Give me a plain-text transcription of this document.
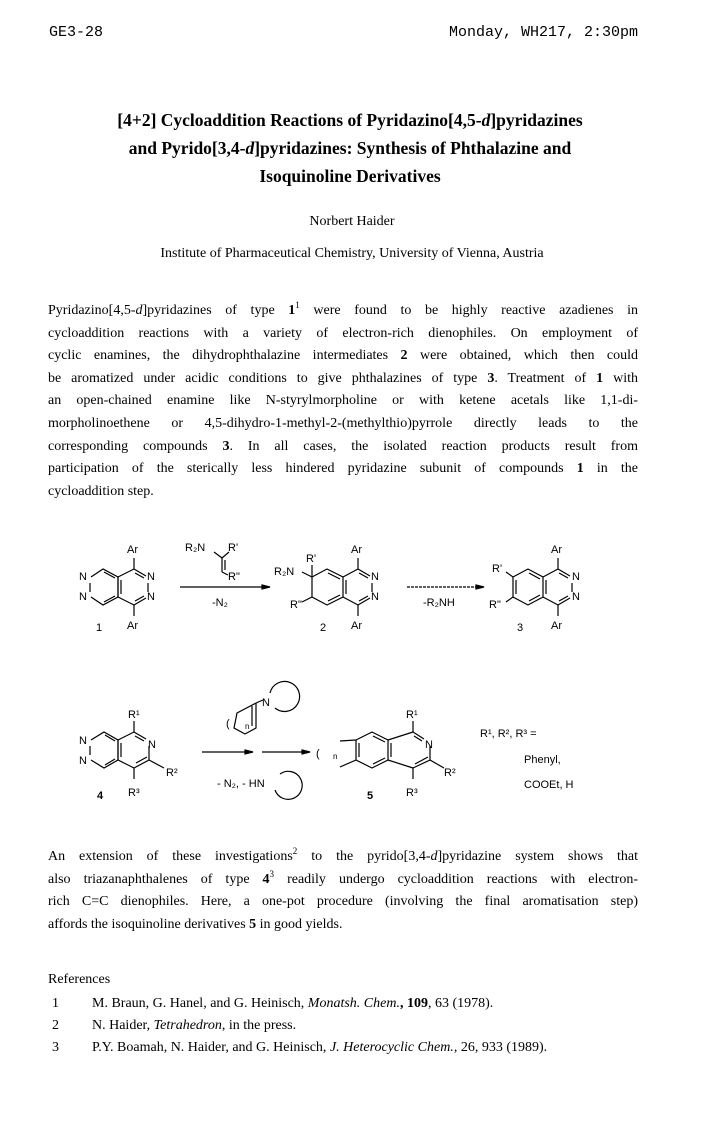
GE3-28	Monday, WH217, 2:30pm
[4+2] Cycloaddition Reactions of Pyridazino[4,5-d]pyridazines
and Pyrido[3,4-d]pyridazines: Synthesis of Phthalazine and
Isoquinoline Derivatives
Norbert Haider
Institute of Pharmaceutical Chemistry, University of Vienna, Austria
Pyridazino[4,5-d]pyridazines of type $1^1$ were found to be highly reactive azadienes in
cycloaddition reactions with a variety of electron-rich dienophiles. On employment of
cyclic enamines, the dihydrophthalazine intermediates 2 were obtained, which then could
be aromatized under acidic conditions to give phthalazines of type 3. Treatment of 1 with
an open-chained enamine like N-styrylmorpholine or with ketene acetals like 1,1-di-
morpholinoethene or 4,5-dihydro-1-methyl-2-(methylthio)pyrrole directly leads to the
corresponding compounds 3. In all cases, the isolated reaction products result from
participation of the sterically less hindered pyridazine subunit of compounds 1 in the
cycloaddition step.
N
N
N
N
Ar
Ar
1
R₂N R'
R"
-N₂
R₂N
R'
R"
N
N
Ar
Ar
2
-R₂NH
R'
R"
N
N
Ar
Ar
3
N
N
N
R¹
R²
R³
4
( n
N
- N₂, - HN
( n
N
R¹
R²
R³
5
R¹, R², R³ =
Phenyl,
COOEt, H
An extension of these investigations$^2$ to the pyrido[3,4-d]pyridazine system shows that
also triazanaphthalenes of type $4^3$ readily undergo cycloaddition reactions with electron-
rich C=C dienophiles. Here, a one-pot procedure (involving the final aromatisation step)
affords the isoquinoline derivatives 5 in good yields.
References
1 M. Braun, G. Hanel, and G. Heinisch, Monatsh. Chem., 109, 63 (1978).
2 N. Haider, Tetrahedron, in the press.
3 P.Y. Boamah, N. Haider, and G. Heinisch, J. Heterocyclic Chem., 26, 933 (1989).
